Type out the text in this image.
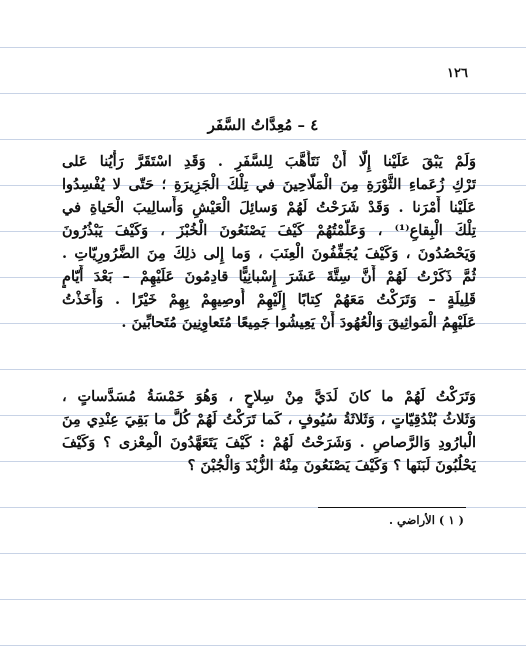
١٢٦
٤ – مُعِدَّاتُ السَّفَر
وَلَمْ يَبْقَ عَلَيْنا إِلّا أَنْ نَتَأَهَّبَ لِلسَّفَرِ . وَقَدِ اسْتَقَرَّ رَأْيُنا عَلى
تَرْكِ زُعَماءِ الثَّوْرَةِ مِنَ الْمَلّاحِينَ في تِلْكَ الْجَزِيرَةِ ؛ حَتّى لا يُفْسِدُوا
عَلَيْنا أَمْرَنا . وَقَدْ شَرَحْتُ لَهُمْ وَسائِلَ الْعَيْشِ وَأَسالِيبَ الْحَياةِ في
تِلْكَ الْبِقاعِ⁽¹⁾ ، وَعَلَّمْتُهُمْ كَيْفَ يَصْنَعُونَ الْخُبْزَ ، وَكَيْفَ يَبْذُرُونَ
وَيَحْصُدُونَ ، وَكَيْفَ يُجَفِّفُونَ الْعِنَبَ ، وَما إِلى ذلِكَ مِنَ الضَّرُورِيّاتِ .
ثُمَّ ذَكَرْتُ لَهُمْ أَنَّ سِتَّةَ عَشَرَ إِسْبانِيًّا قادِمُونَ عَلَيْهِمْ – بَعْدَ أَيّامٍ
قَلِيلَةٍ – وَتَرَكْتُ مَعَهُمْ كِتابًا إِلَيْهِمْ أُوصِيهِمْ بِهِمْ خَيْرًا . وَأَخَذْتُ
عَلَيْهِمُ الْمَواثِيقَ وَالْعُهُودَ أَنْ يَعِيشُوا جَمِيعًا مُتَعاوِنِينَ مُتَحابِّينَ .
وَتَرَكْتُ لَهُمْ ما كانَ لَدَيَّ مِنْ سِلاحٍ ، وَهُوَ خَمْسَةُ مُسَدَّساتٍ ،
وَثَلاثُ بُنْدُقِيّاتٍ ، وَثَلاثَةُ سُيُوفٍ ، كَما تَرَكْتُ لَهُمْ كُلَّ ما بَقِيَ عِنْدِي مِنَ
الْبارُودِ وَالرَّصاصِ . وَشَرَحْتُ لَهُمْ : كَيْفَ يَتَعَهَّدُونَ الْمِعْزى ؟ وَكَيْفَ
يَحْلُبُونَ لَبَنَها ؟ وَكَيْفَ يَصْنَعُونَ مِنْهُ الزُّبْدَ وَالْجُبْنَ ؟
( ١ ) الأراضي .
